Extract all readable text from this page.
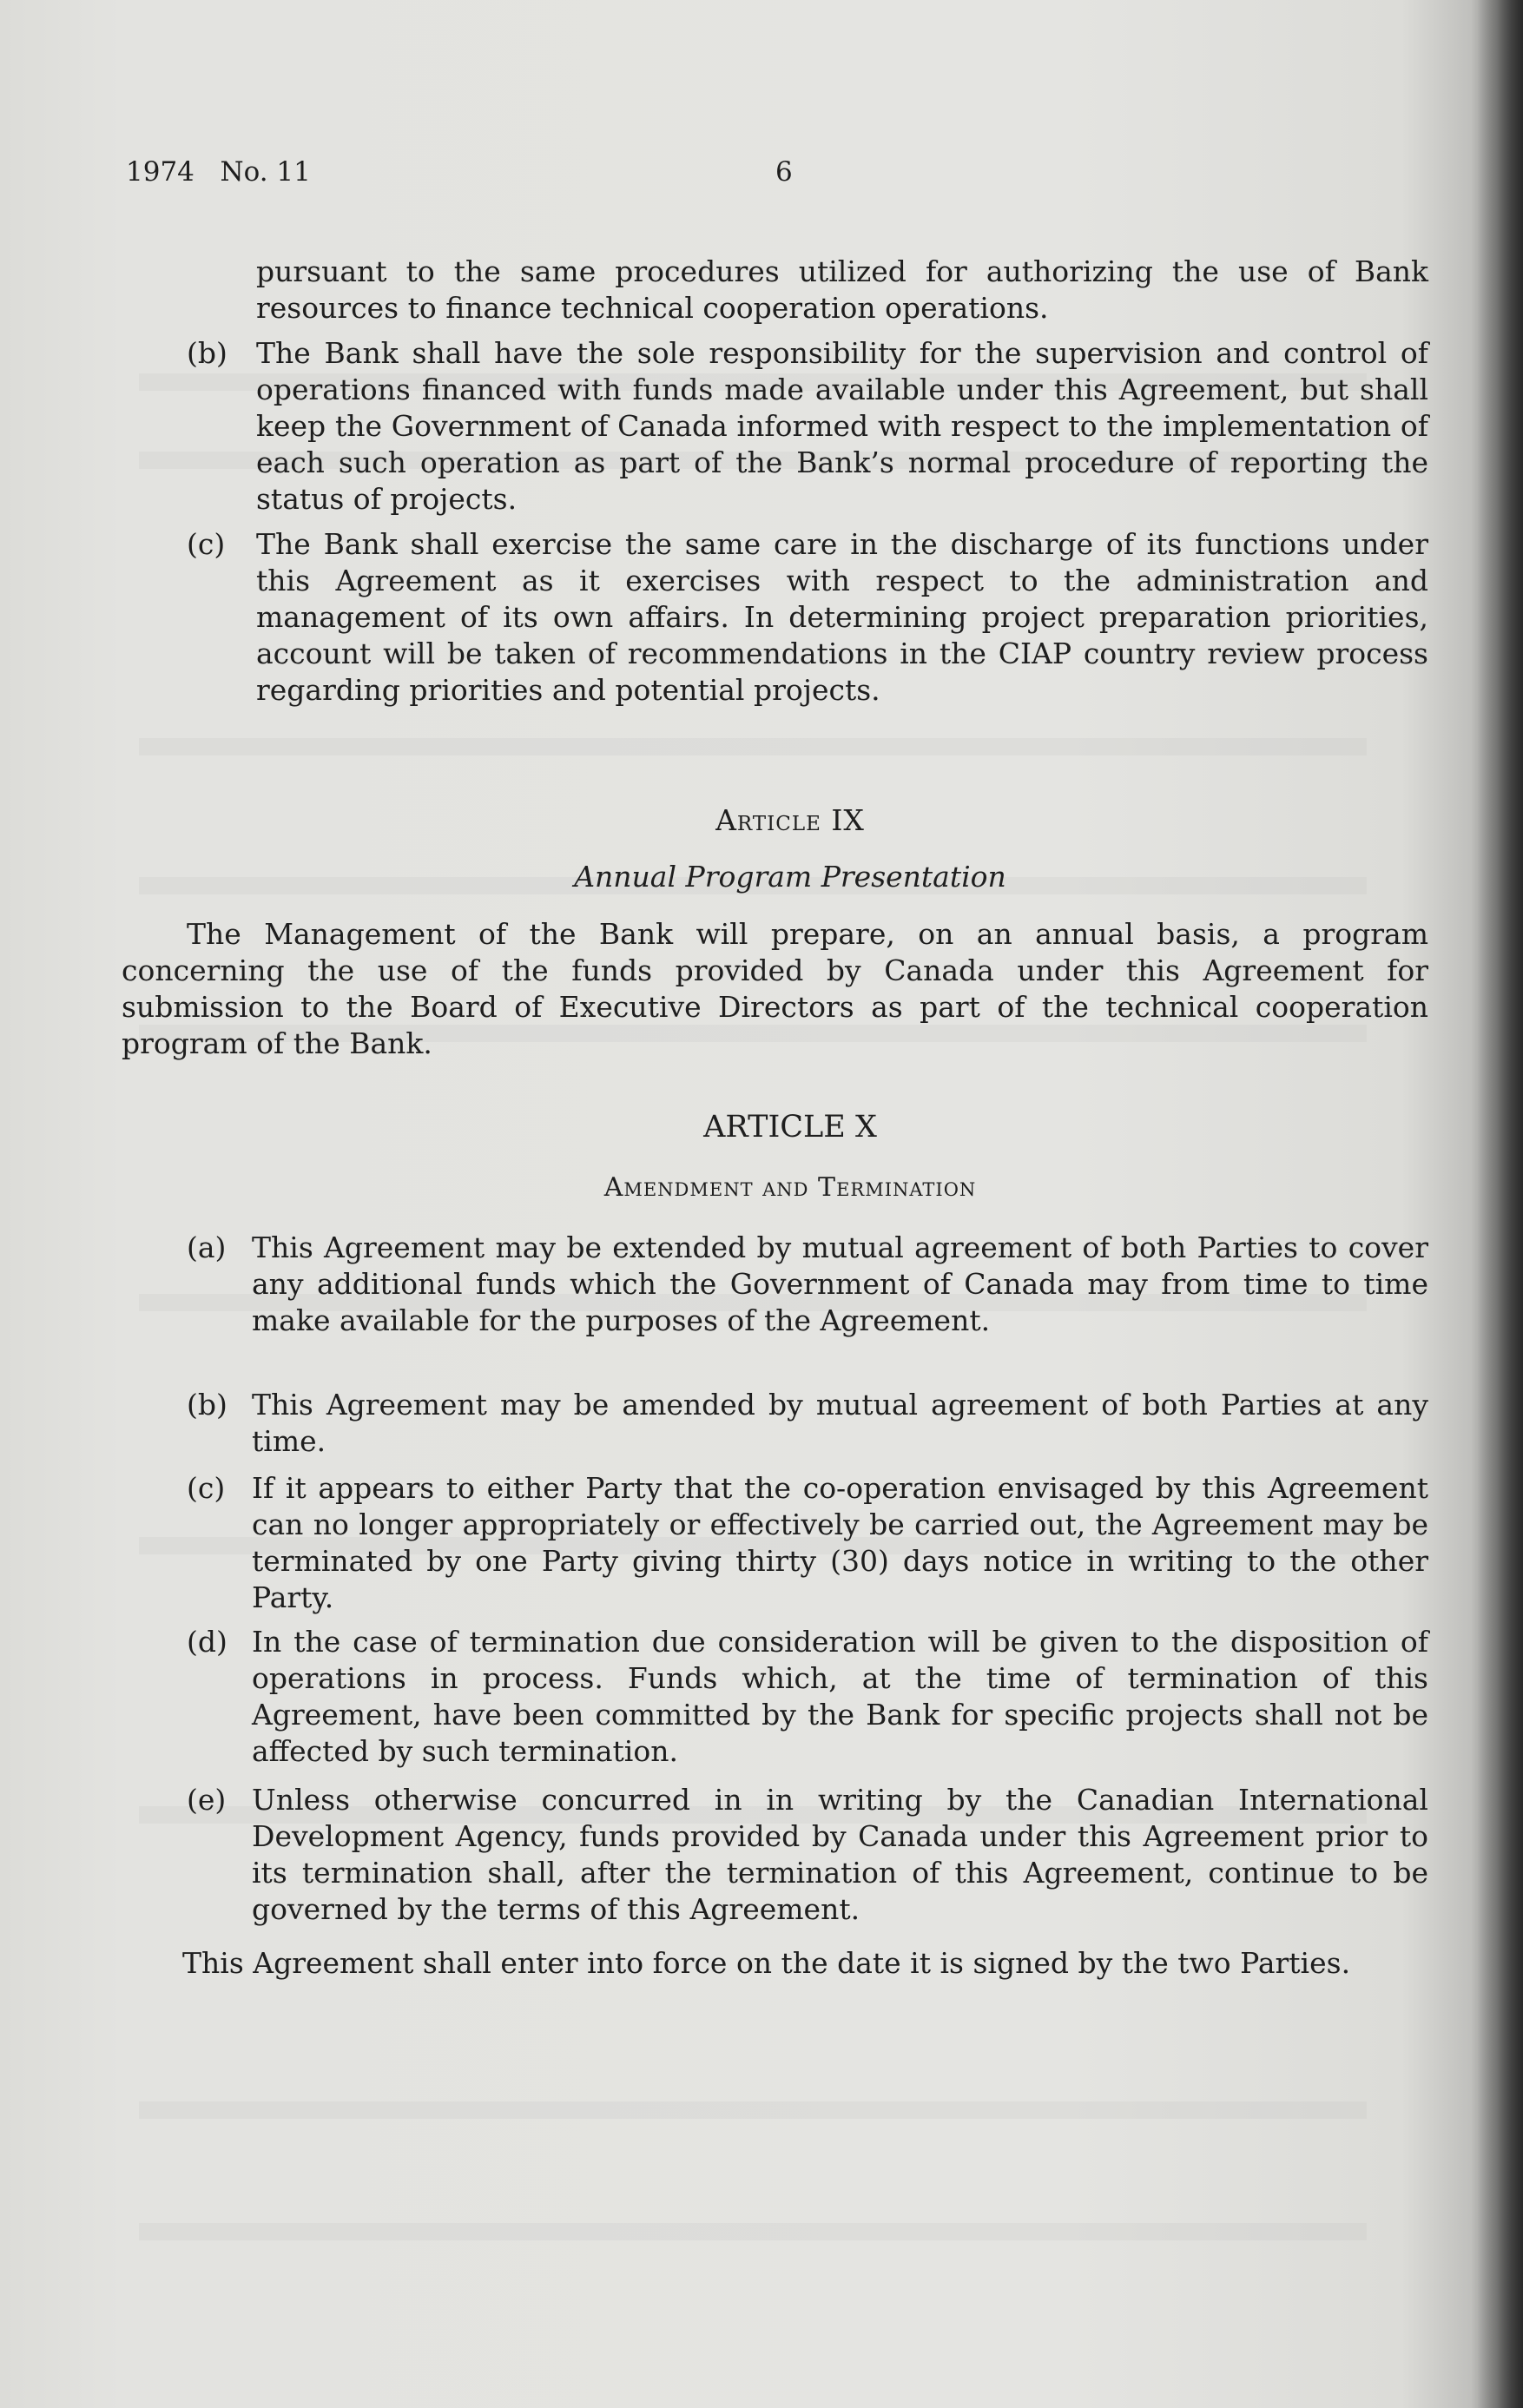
1974   No. 11	6
pursuant to the same procedures utilized for authorizing the use of Bank resources to finance technical cooperation operations.
(b) The Bank shall have the sole responsibility for the supervision and control of operations financed with funds made available under this Agreement, but shall keep the Government of Canada informed with respect to the implementation of each such operation as part of the Bank’s normal procedure of reporting the status of projects.
(c) The Bank shall exercise the same care in the discharge of its functions under this Agreement as it exercises with respect to the administration and management of its own affairs. In determining project preparation priorities, account will be taken of recommendations in the CIAP country review process regarding priorities and potential projects.
Article IX
Annual Program Presentation
The Management of the Bank will prepare, on an annual basis, a program concerning the use of the funds provided by Canada under this Agreement for submission to the Board of Executive Directors as part of the technical cooperation program of the Bank.
ARTICLE X
Amendment and Termination
(a) This Agreement may be extended by mutual agreement of both Parties to cover any additional funds which the Government of Canada may from time to time make available for the purposes of the Agreement.
(b) This Agreement may be amended by mutual agreement of both Parties at any time.
(c) If it appears to either Party that the co-operation envisaged by this Agreement can no longer appropriately or effectively be carried out, the Agreement may be terminated by one Party giving thirty (30) days notice in writing to the other Party.
(d) In the case of termination due consideration will be given to the disposition of operations in process. Funds which, at the time of termination of this Agreement, have been committed by the Bank for specific projects shall not be affected by such termination.
(e) Unless otherwise concurred in in writing by the Canadian International Development Agency, funds provided by Canada under this Agreement prior to its termination shall, after the termination of this Agreement, continue to be governed by the terms of this Agreement.
This Agreement shall enter into force on the date it is signed by the two Parties.
